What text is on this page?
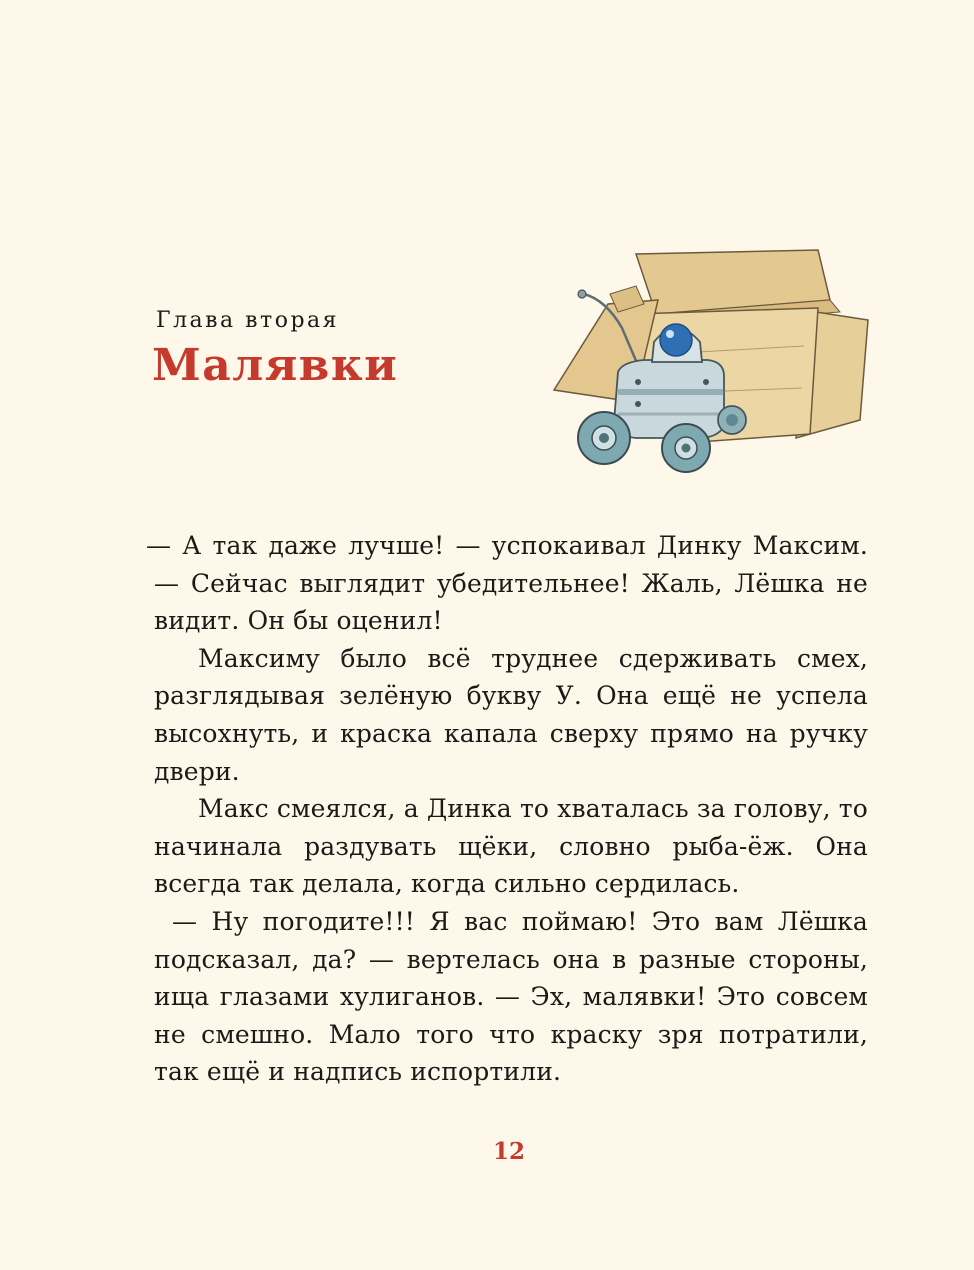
Глава вторая
Малявки

— А так даже лучше! — успокаивал Динку Максим. — Сейчас выглядит убедительнее! Жаль, Лёшка не видит. Он бы оценил!

Максиму было всё труднее сдерживать смех, разглядывая зелёную букву У. Она ещё не успела высохнуть, и краска капала сверху прямо на ручку двери.

Макс смеялся, а Динка то хваталась за голову, то начинала раздувать щёки, словно рыба-ёж. Она всегда так делала, когда сильно сердилась.

— Ну погодите!!! Я вас поймаю! Это вам Лёшка подсказал, да? — вертелась она в разные стороны, ища глазами хулиганов. — Эх, малявки! Это совсем не смешно. Мало того что краску зря потратили, так ещё и надпись испортили.

12
